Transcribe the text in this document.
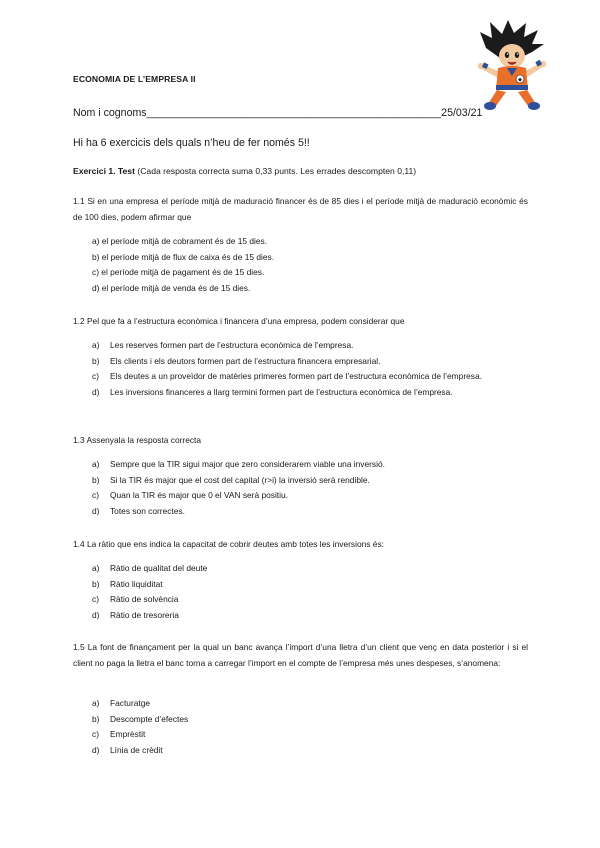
ECONOMIA DE L’EMPRESA II
Nom i cognoms__________________________________________________25/03/21
Hi ha 6 exercicis dels quals n’heu de fer només 5!!
Exercici 1. Test (Cada resposta correcta suma 0,33 punts. Les errades descompten 0,11)
1.1 Si en una empresa el període mitjà de maduració financer és de 85 dies i el període mitjà de maduració econòmic és de 100 dies, podem afirmar que
a) el període mitjà de cobrament és de 15 dies.
b) el període mitjà de flux de caixa és de 15 dies.
c) el període mitjà de pagament és de 15 dies.
d) el període mitjà de venda és de 15 dies.
1.2 Pel que fa a l’estructura econòmica i financera d’una empresa, podem considerar que
a) Les reserves formen part de l’estructura econòmica de l’empresa.
b) Els clients i els deutors formen part de l’estructura financera empresarial.
c) Els deutes a un proveïdor de matèries primeres formen part de l’estructura econòmica de l’empresa.
d) Les inversions financeres a llarg termini formen part de l’estructura econòmica de l’empresa.
1.3 Assenyala la resposta correcta
a) Sempre que la TIR sigui major que zero considerarem viable una inversió.
b) Si la TIR és major que el cost del capital (r>i) la inversió serà rendible.
c) Quan la TIR és major que 0 el VAN serà positiu.
d) Totes son correctes.
1.4 La ràtio que ens indica la capacitat de cobrir deutes amb totes les inversions és:
a) Ràtio de qualitat del deute
b) Ràtio liquiditat
c) Ràtio de solvència
d) Ràtio de tresoreria
1.5 La font de finançament per la qual un banc avança l’import d’una lletra d’un client que venç en data posterior i si el client no paga la lletra el banc torna a carregar l’import en el compte de l’empresa més unes despeses, s’anomena:
a) Facturatge
b) Descompte d’efectes
c) Emprèstit
d) Línia de crèdit
◆
